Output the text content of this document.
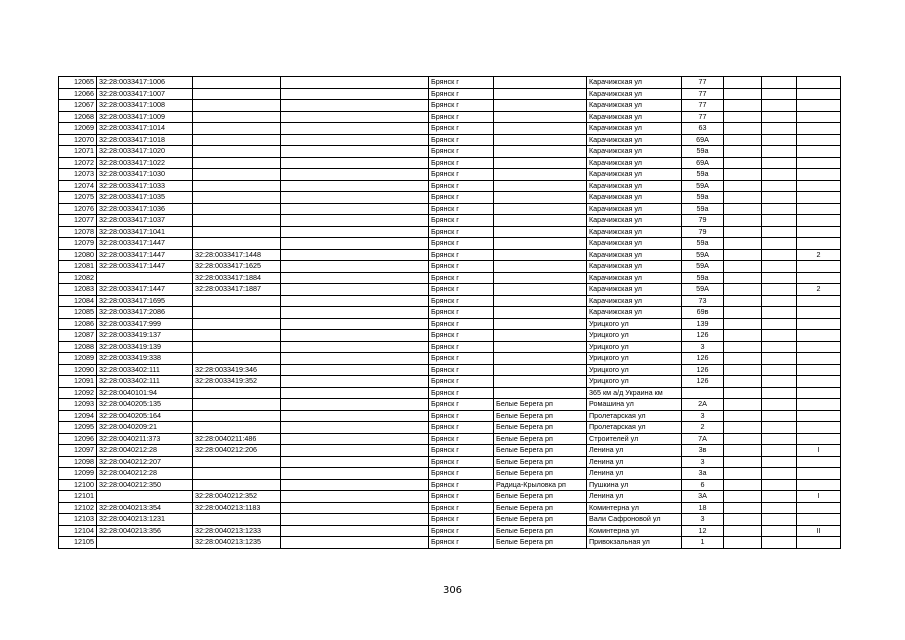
12065	32:28:0033417:1006			Брянск г		Карачижская ул	77			
12066	32:28:0033417:1007			Брянск г		Карачижская ул	77			
12067	32:28:0033417:1008			Брянск г		Карачижская ул	77			
12068	32:28:0033417:1009			Брянск г		Карачижская ул	77			
12069	32:28:0033417:1014			Брянск г		Карачижская ул	63			
12070	32:28:0033417:1018			Брянск г		Карачижская ул	69А			
12071	32:28:0033417:1020			Брянск г		Карачижская ул	59а			
12072	32:28:0033417:1022			Брянск г		Карачижская ул	69А			
12073	32:28:0033417:1030			Брянск г		Карачижская ул	59а			
12074	32:28:0033417:1033			Брянск г		Карачижская ул	59А			
12075	32:28:0033417:1035			Брянск г		Карачижская ул	59а			
12076	32:28:0033417:1036			Брянск г		Карачижская ул	59а			
12077	32:28:0033417:1037			Брянск г		Карачижская ул	79			
12078	32:28:0033417:1041			Брянск г		Карачижская ул	79			
12079	32:28:0033417:1447			Брянск г		Карачижская ул	59а			
12080	32:28:0033417:1447	32:28:0033417:1448		Брянск г		Карачижская ул	59А			2
12081	32:28:0033417:1447	32:28:0033417:1625		Брянск г		Карачижская ул	59А			
12082		32:28:0033417:1884		Брянск г		Карачижская ул	59а			
12083	32:28:0033417:1447	32:28:0033417:1887		Брянск г		Карачижская ул	59А			2
12084	32:28:0033417:1695			Брянск г		Карачижская ул	73			
12085	32:28:0033417:2086			Брянск г		Карачижская ул	69в			
12086	32:28:0033417:999			Брянск г		Урицкого ул	139			
12087	32:28:0033419:137			Брянск г		Урицкого ул	126			
12088	32:28:0033419:139			Брянск г		Урицкого ул	3			
12089	32:28:0033419:338			Брянск г		Урицкого ул	126			
12090	32:28:0033402:111	32:28:0033419:346		Брянск г		Урицкого ул	126			
12091	32:28:0033402:111	32:28:0033419:352		Брянск г		Урицкого ул	126			
12092	32:28:0040101:94			Брянск г		365 км а/д Украина км				
12093	32:28:0040205:135			Брянск г	Белые Берега рп	Ромашина ул	2А			
12094	32:28:0040205:164			Брянск г	Белые Берега рп	Пролетарская ул	3			
12095	32:28:0040209:21			Брянск г	Белые Берега рп	Пролетарская ул	2			
12096	32:28:0040211:373	32:28:0040211:486		Брянск г	Белые Берега рп	Строителей ул	7А			
12097	32:28:0040212:28	32:28:0040212:206		Брянск г	Белые Берега рп	Ленина ул	3в			I
12098	32:28:0040212:207			Брянск г	Белые Берега рп	Ленина ул	3			
12099	32:28:0040212:28			Брянск г	Белые Берега рп	Ленина ул	3а			
12100	32:28:0040212:350			Брянск г	Радица-Крыловка рп	Пушкина ул	6			
12101		32:28:0040212:352		Брянск г	Белые Берега рп	Ленина ул	3А			I
12102	32:28:0040213:354	32:28:0040213:1183		Брянск г	Белые Берега рп	Коминтерна ул	18			
12103	32:28:0040213:1231			Брянск г	Белые Берега рп	Вали Сафроновой ул	3			
12104	32:28:0040213:356	32:28:0040213:1233		Брянск г	Белые Берега рп	Коминтерна ул	12			II
12105		32:28:0040213:1235		Брянск г	Белые Берега рп	Привокзальная ул	1			
306
